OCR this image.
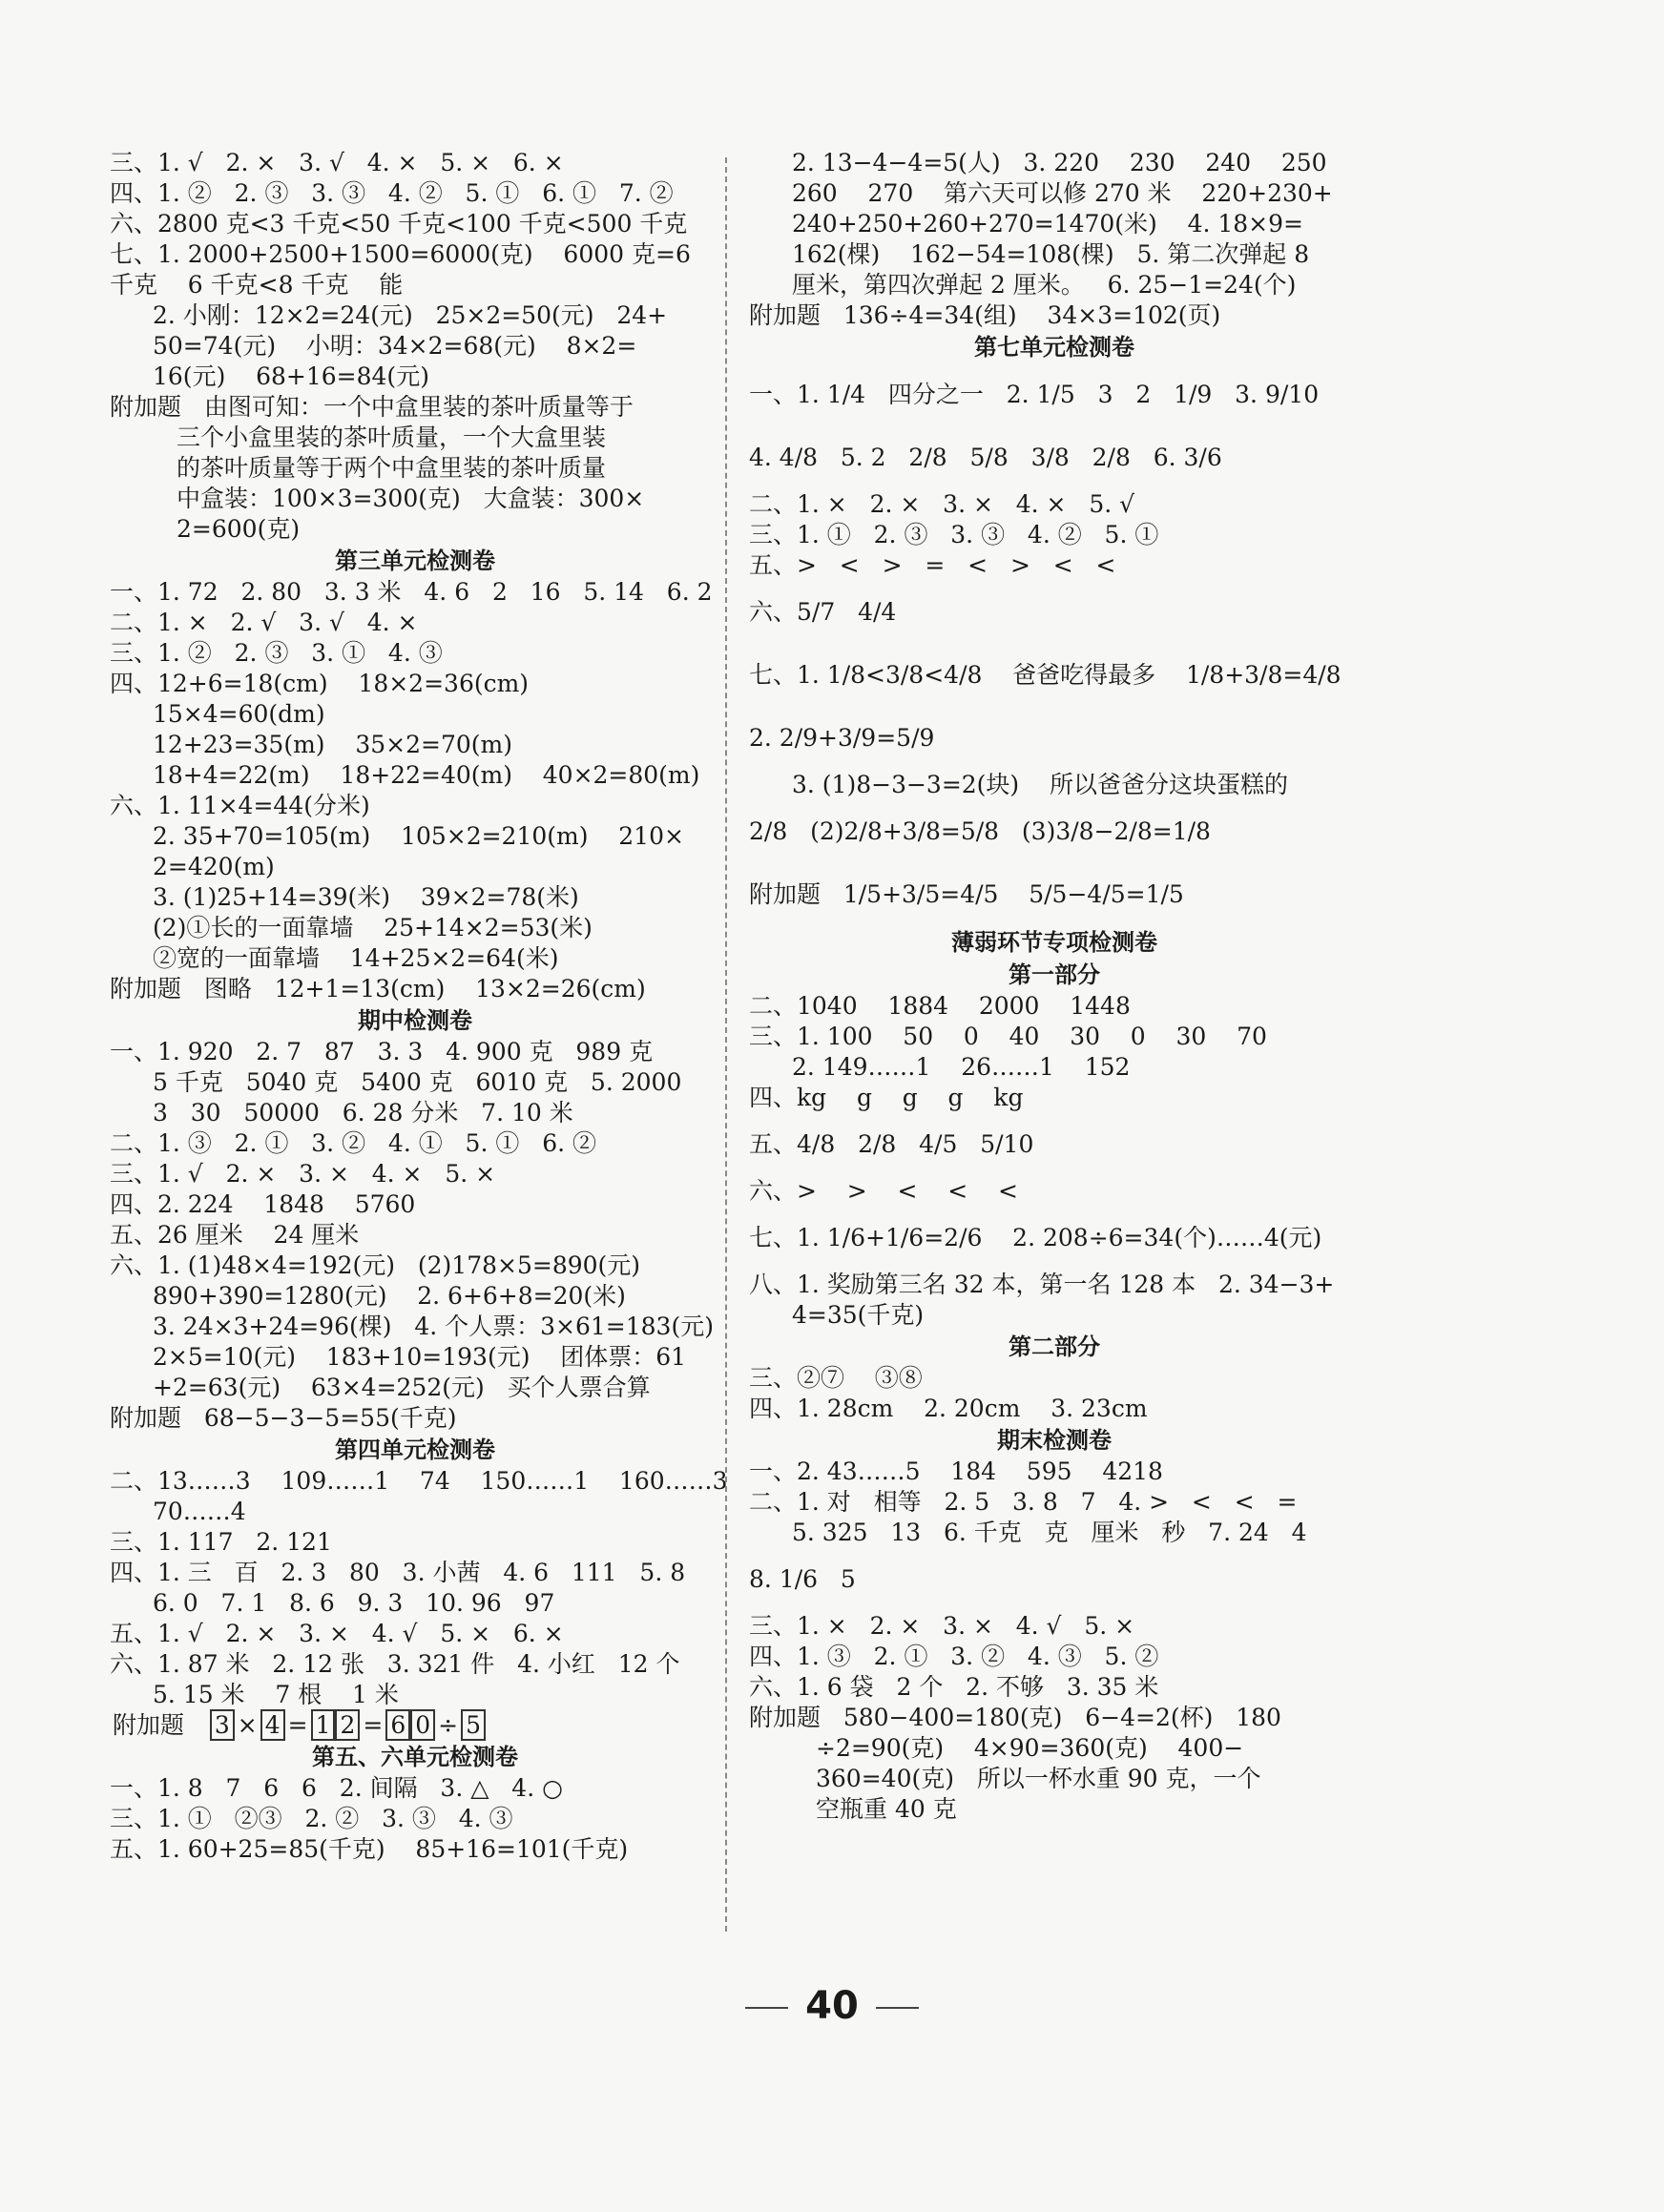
三、1. √   2. ×   3. √   4. ×   5. ×   6. ×
四、1. ②   2. ③   3. ③   4. ②   5. ①   6. ①   7. ②
六、2800 克<3 千克<50 千克<100 千克<500 千克
七、1. 2000+2500+1500=6000(克)    6000 克=6
千克    6 千克<8 千克    能
2. 小刚：12×2=24(元)   25×2=50(元)   24+
50=74(元)    小明：34×2=68(元)    8×2=
16(元)    68+16=84(元)
附加题   由图可知：一个中盒里装的茶叶质量等于
三个小盒里装的茶叶质量，一个大盒里装
的茶叶质量等于两个中盒里装的茶叶质量
中盒装：100×3=300(克)   大盒装：300×
2=600(克)
第三单元检测卷
一、1. 72   2. 80   3. 3 米   4. 6   2   16   5. 14   6. 2
二、1. ×   2. √   3. √   4. ×
三、1. ②   2. ③   3. ①   4. ③
四、12+6=18(cm)    18×2=36(cm)
15×4=60(dm)
12+23=35(m)    35×2=70(m)
18+4=22(m)    18+22=40(m)    40×2=80(m)
六、1. 11×4=44(分米)
2. 35+70=105(m)    105×2=210(m)    210×
2=420(m)
3. (1)25+14=39(米)    39×2=78(米)
(2)①长的一面靠墙    25+14×2=53(米)
②宽的一面靠墙    14+25×2=64(米)
附加题   图略   12+1=13(cm)    13×2=26(cm)
期中检测卷
一、1. 920   2. 7   87   3. 3   4. 900 克   989 克
5 千克   5040 克   5400 克   6010 克   5. 2000
3   30   50000   6. 28 分米   7. 10 米
二、1. ③   2. ①   3. ②   4. ①   5. ①   6. ②
三、1. √   2. ×   3. ×   4. ×   5. ×
四、2. 224    1848    5760
五、26 厘米    24 厘米
六、1. (1)48×4=192(元)   (2)178×5=890(元)
890+390=1280(元)    2. 6+6+8=20(米)
3. 24×3+24=96(棵)   4. 个人票：3×61=183(元)
2×5=10(元)    183+10=193(元)    团体票：61
+2=63(元)    63×4=252(元)   买个人票合算
附加题   68−5−3−5=55(千克)
第四单元检测卷
二、13……3    109……1    74    150……1    160……3
70……4
三、1. 117   2. 121
四、1. 三   百   2. 3   80   3. 小茜   4. 6   111   5. 8
6. 0   7. 1   8. 6   9. 3   10. 96   97
五、1. √   2. ×   3. ×   4. √   5. ×   6. ×
六、1. 87 米   2. 12 张   3. 321 件   4. 小红   12 个
5. 15 米    7 根    1 米
附加题 3 × 4 = 1 2 = 6 0 ÷ 5
第五、六单元检测卷
一、1. 8   7   6   6   2. 间隔   3. △   4. ○
三、1. ①   ②③   2. ②   3. ③   4. ③
五、1. 60+25=85(千克)    85+16=101(千克)
2. 13−4−4=5(人)   3. 220    230    240    250
260    270    第六天可以修 270 米    220+230+
240+250+260+270=1470(米)    4. 18×9=
162(棵)    162−54=108(棵)   5. 第二次弹起 8
厘米，第四次弹起 2 厘米。   6. 25−1=24(个)
附加题   136÷4=34(组)    34×3=102(页)
第七单元检测卷
一、1. 1/4   四分之一   2. 1/5   3   2   1/9   3. 9/10
4. 4/8   5. 2   2/8   5/8   3/8   2/8   6. 3/6
二、1. ×   2. ×   3. ×   4. ×   5. √
三、1. ①   2. ③   3. ③   4. ②   5. ①
五、>   <   >   =   <   >   <   <
六、5/7   4/4
七、1. 1/8<3/8<4/8    爸爸吃得最多    1/8+3/8=4/8
2. 2/9+3/9=5/9
3. (1)8−3−3=2(块)    所以爸爸分这块蛋糕的
2/8   (2)2/8+3/8=5/8   (3)3/8−2/8=1/8
附加题   1/5+3/5=4/5    5/5−4/5=1/5
薄弱环节专项检测卷
第一部分
二、1040    1884    2000    1448
三、1. 100    50    0    40    30    0    30    70
2. 149……1    26……1    152
四、kg    g    g    g    kg
五、4/8   2/8   4/5   5/10
六、>    >    <    <    <
七、1. 1/6+1/6=2/6    2. 208÷6=34(个)……4(元)
八、1. 奖励第三名 32 本，第一名 128 本   2. 34−3+
4=35(千克)
第二部分
三、②⑦    ③⑧
四、1. 28cm    2. 20cm    3. 23cm
期末检测卷
一、2. 43……5    184    595    4218
二、1. 对   相等   2. 5   3. 8   7   4. >   <   <   =
5. 325   13   6. 千克   克   厘米   秒   7. 24   4
8. 1/6   5
三、1. ×   2. ×   3. ×   4. √   5. ×
四、1. ③   2. ①   3. ②   4. ③   5. ②
六、1. 6 袋   2 个   2. 不够   3. 35 米
附加题   580−400=180(克)   6−4=2(杯)   180
÷2=90(克)    4×90=360(克)    400−
360=40(克)   所以一杯水重 90 克，一个
空瓶重 40 克
40
